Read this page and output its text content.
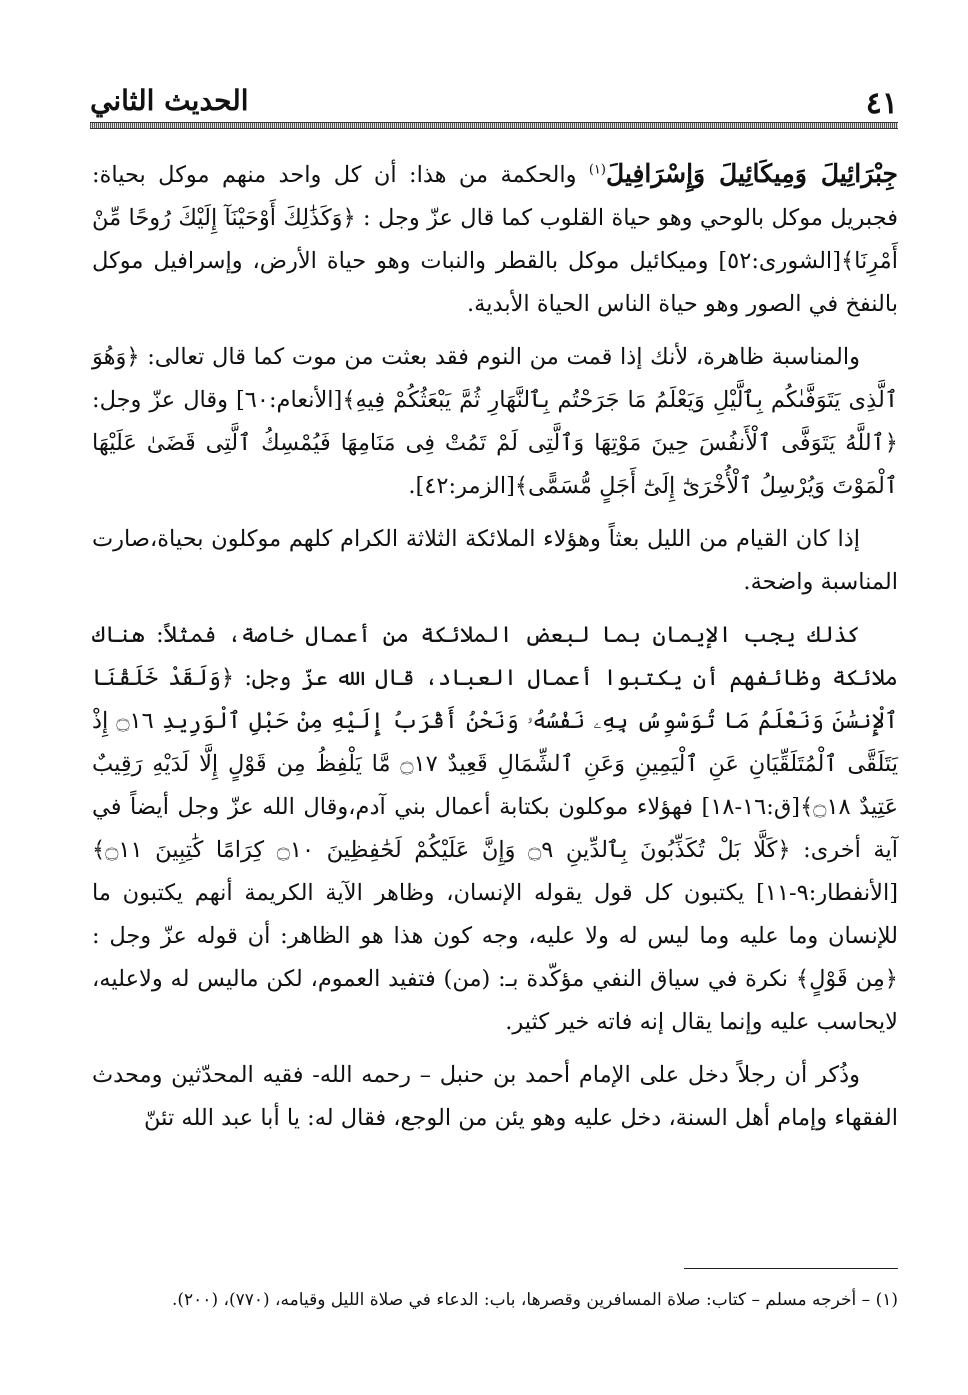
٤١
الحديث الثاني

جِبْرَائِيلَ وَمِيكَائِيلَ وَإِسْرَافِيلَ$^{(١)}$ والحكمة من هذا: أن كل واحد منهم موكل بحياة: فجبريل موكل بالوحي وهو حياة القلوب كما قال عزّ وجل : ﴿وَكَذَٰلِكَ أَوْحَيْنَآ إِلَيْكَ رُوحًا مِّنْ أَمْرِنَا﴾[الشورى:٥٢] وميكائيل موكل بالقطر والنبات وهو حياة الأرض، وإسرافيل موكل بالنفخ في الصور وهو حياة الناس الحياة الأبدية.

والمناسبة ظاهرة، لأنك إذا قمت من النوم فقد بعثت من موت كما قال تعالى: ﴿وَهُوَ ٱلَّذِى يَتَوَفَّىٰكُم بِٱلَّيْلِ وَيَعْلَمُ مَا جَرَحْتُم بِٱلنَّهَارِ ثُمَّ يَبْعَثُكُمْ فِيهِ﴾[الأنعام:٦٠] وقال عزّ وجل: ﴿ٱللَّهُ يَتَوَفَّى ٱلْأَنفُسَ حِينَ مَوْتِهَا وَٱلَّتِى لَمْ تَمُتْ فِى مَنَامِهَا فَيُمْسِكُ ٱلَّتِى قَضَىٰ عَلَيْهَا ٱلْمَوْتَ وَيُرْسِلُ ٱلْأُخْرَىٰٓ إِلَىٰٓ أَجَلٍ مُّسَمًّى﴾[الزمر:٤٢].

إذا كان القيام من الليل بعثاً وهؤلاء الملائكة الثلاثة الكرام كلهم موكلون بحياة،صارت المناسبة واضحة.

كذلك يجب الإيمان بما لبعض الملائكة من أعمال خاصة، فمثلاً: هناك ملائكة وظائفهم أن يكتبوا أعمال العباد، قال الله عزّ وجل: ﴿وَلَقَدْ خَلَقْنَا ٱلْإِنسَٰنَ وَنَعْلَمُ مَا تُوَسْوِسُ بِهِۦ نَفْسُهُۥ وَنَحْنُ أَقْرَبُ إِلَيْهِ مِنْ حَبْلِ ٱلْوَرِيدِ ۝١٦ إِذْ يَتَلَقَّى ٱلْمُتَلَقِّيَانِ عَنِ ٱلْيَمِينِ وَعَنِ ٱلشِّمَالِ قَعِيدٌ ۝١٧ مَّا يَلْفِظُ مِن قَوْلٍ إِلَّا لَدَيْهِ رَقِيبٌ عَتِيدٌ ۝١٨﴾[ق:١٦-١٨] فهؤلاء موكلون بكتابة أعمال بني آدم،وقال الله عزّ وجل أيضاً في آية أخرى: ﴿كَلَّا بَلْ تُكَذِّبُونَ بِٱلدِّينِ ۝٩ وَإِنَّ عَلَيْكُمْ لَحَٰفِظِينَ ۝١٠ كِرَامًا كَٰتِبِينَ ۝١١﴾[الأنفطار:٩-١١] يكتبون كل قول يقوله الإنسان، وظاهر الآية الكريمة أنهم يكتبون ما للإنسان وما عليه وما ليس له ولا عليه، وجه كون هذا هو الظاهر: أن قوله عزّ وجل : ﴿مِن قَوْلٍ﴾ نكرة في سياق النفي مؤكّدة بـ: (من) فتفيد العموم، لكن ماليس له ولاعليه، لايحاسب عليه وإنما يقال إنه فاته خير كثير.

وذُكر أن رجلاً دخل على الإمام أحمد بن حنبل – رحمه الله- فقيه المحدّثين ومحدث الفقهاء وإمام أهل السنة، دخل عليه وهو يئن من الوجع، فقال له: يا أبا عبد الله تئنّ

(١) – أخرجه مسلم – كتاب: صلاة المسافرين وقصرها، باب: الدعاء في صلاة الليل وقيامه، (٧٧٠)، (٢٠٠).
